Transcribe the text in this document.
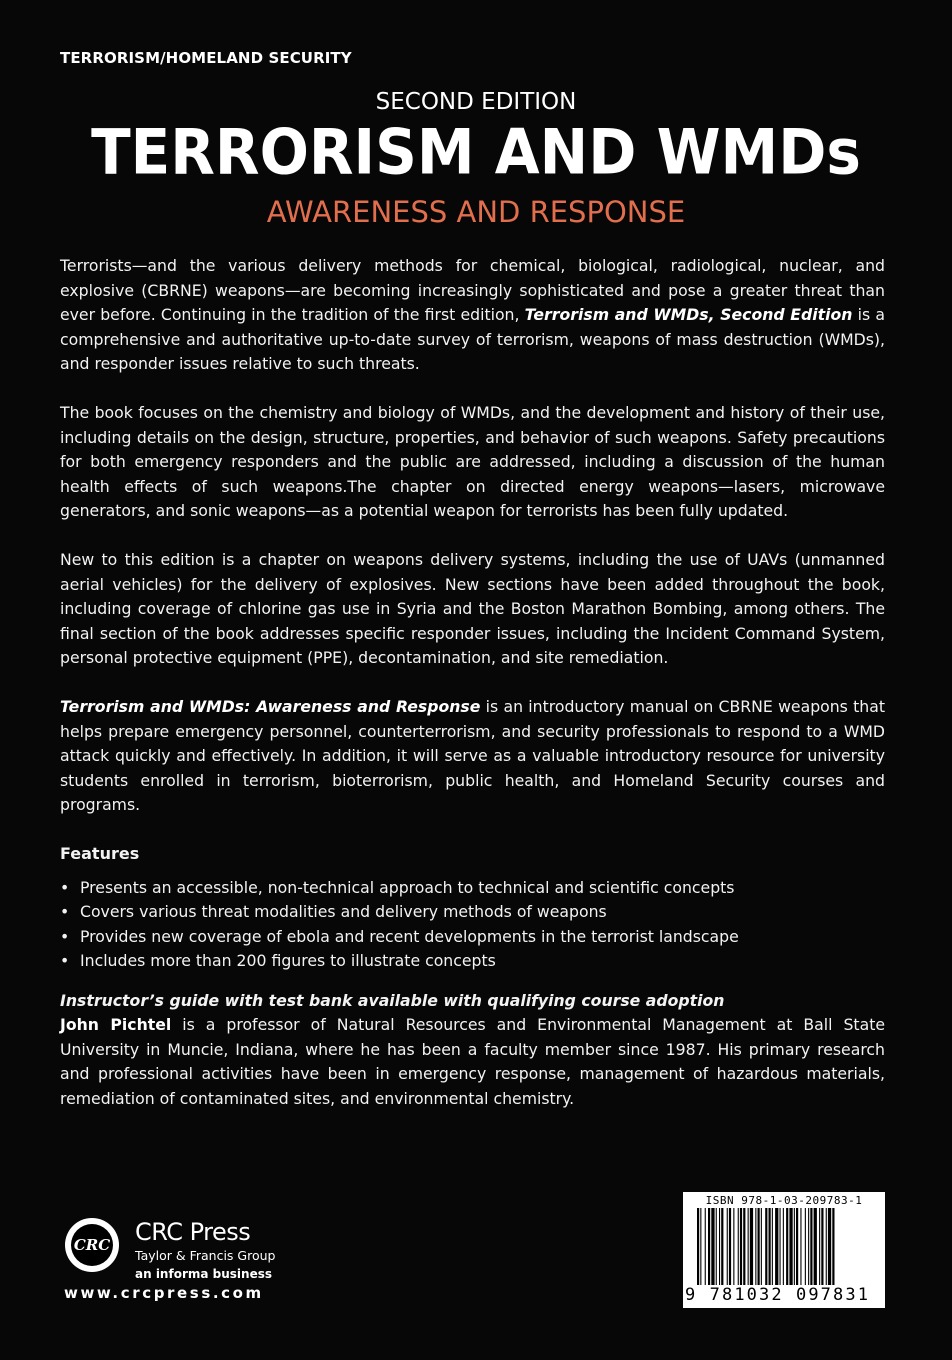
TERRORISM/HOMELAND SECURITY
SECOND EDITION
TERRORISM AND WMDs
AWARENESS AND RESPONSE

Terrorists—and the various delivery methods for chemical, biological, radiological, nuclear, and explosive (CBRNE) weapons—are becoming increasingly sophisticated and pose a greater threat than ever before. Continuing in the tradition of the first edition, Terrorism and WMDs, Second Edition is a comprehensive and authoritative up-to-date survey of terrorism, weapons of mass destruction (WMDs), and responder issues relative to such threats.

The book focuses on the chemistry and biology of WMDs, and the development and history of their use, including details on the design, structure, properties, and behavior of such weapons. Safety precautions for both emergency responders and the public are addressed, including a discussion of the human health effects of such weapons.The chapter on directed energy weapons—lasers, microwave generators, and sonic weapons—as a potential weapon for terrorists has been fully updated.

New to this edition is a chapter on weapons delivery systems, including the use of UAVs (unmanned aerial vehicles) for the delivery of explosives. New sections have been added throughout the book, including coverage of chlorine gas use in Syria and the Boston Marathon Bombing, among others. The final section of the book addresses specific responder issues, including the Incident Command System, personal protective equipment (PPE), decontamination, and site remediation.

Terrorism and WMDs: Awareness and Response is an introductory manual on CBRNE weapons that helps prepare emergency personnel, counterterrorism, and security professionals to respond to a WMD attack quickly and effectively. In addition, it will serve as a valuable introductory resource for university students enrolled in terrorism, bioterrorism, public health, and Homeland Security courses and programs.

Features
• Presents an accessible, non-technical approach to technical and scientific concepts
• Covers various threat modalities and delivery methods of weapons
• Provides new coverage of ebola and recent developments in the terrorist landscape
• Includes more than 200 figures to illustrate concepts

Instructor’s guide with test bank available with qualifying course adoption

John Pichtel is a professor of Natural Resources and Environmental Management at Ball State University in Muncie, Indiana, where he has been a faculty member since 1987. His primary research and professional activities have been in emergency response, management of hazardous materials, remediation of contaminated sites, and environmental chemistry.

CRC CRC Press
Taylor & Francis Group
an informa business
www.crcpress.com
ISBN 978-1-03-209783-1
9 781032 097831
